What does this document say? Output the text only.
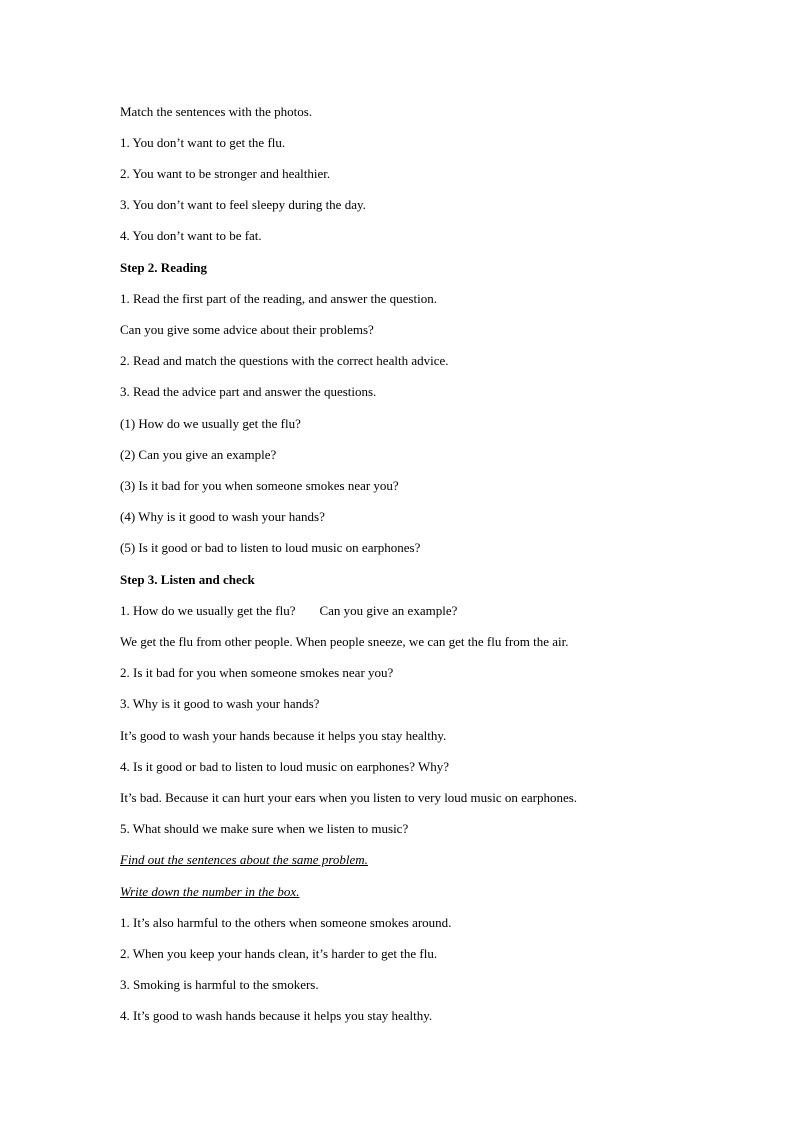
Match the sentences with the photos.
1. You don’t want to get the flu.
2. You want to be stronger and healthier.
3. You don’t want to feel sleepy during the day.
4. You don’t want to be fat.
Step 2. Reading
1. Read the first part of the reading, and answer the question.
Can you give some advice about their problems?
2. Read and match the questions with the correct health advice.
3. Read the advice part and answer the questions.
(1) How do we usually get the flu?
(2) Can you give an example?
(3) Is it bad for you when someone smokes near you?
(4) Why is it good to wash your hands?
(5) Is it good or bad to listen to loud music on earphones?
Step 3. Listen and check
1. How do we usually get the flu? Can you give an example?
We get the flu from other people. When people sneeze, we can get the flu from the air.
2. Is it bad for you when someone smokes near you?
3. Why is it good to wash your hands?
It’s good to wash your hands because it helps you stay healthy.
4. Is it good or bad to listen to loud music on earphones? Why?
It’s bad. Because it can hurt your ears when you listen to very loud music on earphones.
5. What should we make sure when we listen to music?
Find out the sentences about the same problem.
Write down the number in the box.
1. It’s also harmful to the others when someone smokes around.
2. When you keep your hands clean, it’s harder to get the flu.
3. Smoking is harmful to the smokers.
4. It’s good to wash hands because it helps you stay healthy.
